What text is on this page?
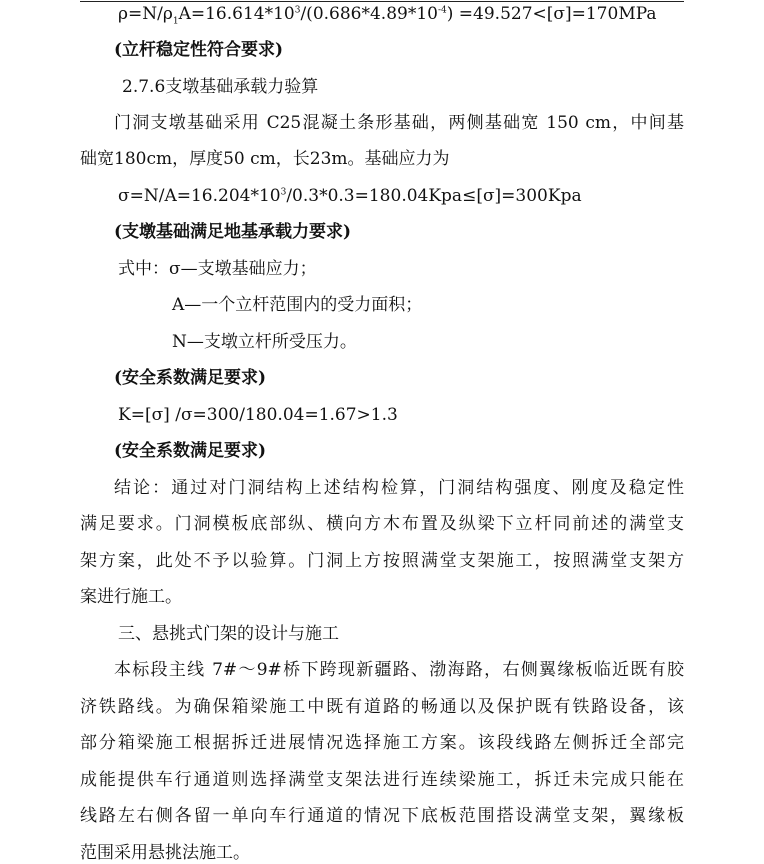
$\rho=N/\rho_1A=16.614*10^3/(0.686*4.89*10^{-4}) =49.527<[\sigma]=170MPa$
(立杆稳定性符合要求)
2.7.6支墩基础承载力验算
门洞支墩基础采用 C25混凝土条形基础，两侧基础宽 150 cm，中间基
础宽180cm，厚度50 cm，长23m。基础应力为
$\sigma=N/A=16.204*10^3/0.3*0.3=180.04Kpa\le[\sigma]=300Kpa$
(支墩基础满足地基承载力要求)
式中：σ—支墩基础应力；
A—一个立杆范围内的受力面积；
N—支墩立杆所受压力。
(安全系数满足要求)
K=[σ] /σ=300/180.04=1.67>1.3
(安全系数满足要求)
结论：通过对门洞结构上述结构检算，门洞结构强度、刚度及稳定性
满足要求。门洞模板底部纵、横向方木布置及纵梁下立杆同前述的满堂支
架方案，此处不予以验算。门洞上方按照满堂支架施工，按照满堂支架方
案进行施工。
三、悬挑式门架的设计与施工
本标段主线 7#～9#桥下跨现新疆路、渤海路，右侧翼缘板临近既有胶
济铁路线。为确保箱梁施工中既有道路的畅通以及保护既有铁路设备，该
部分箱梁施工根据拆迁进展情况选择施工方案。该段线路左侧拆迁全部完
成能提供车行通道则选择满堂支架法进行连续梁施工，拆迁未完成只能在
线路左右侧各留一单向车行通道的情况下底板范围搭设满堂支架，翼缘板
范围采用悬挑法施工。
